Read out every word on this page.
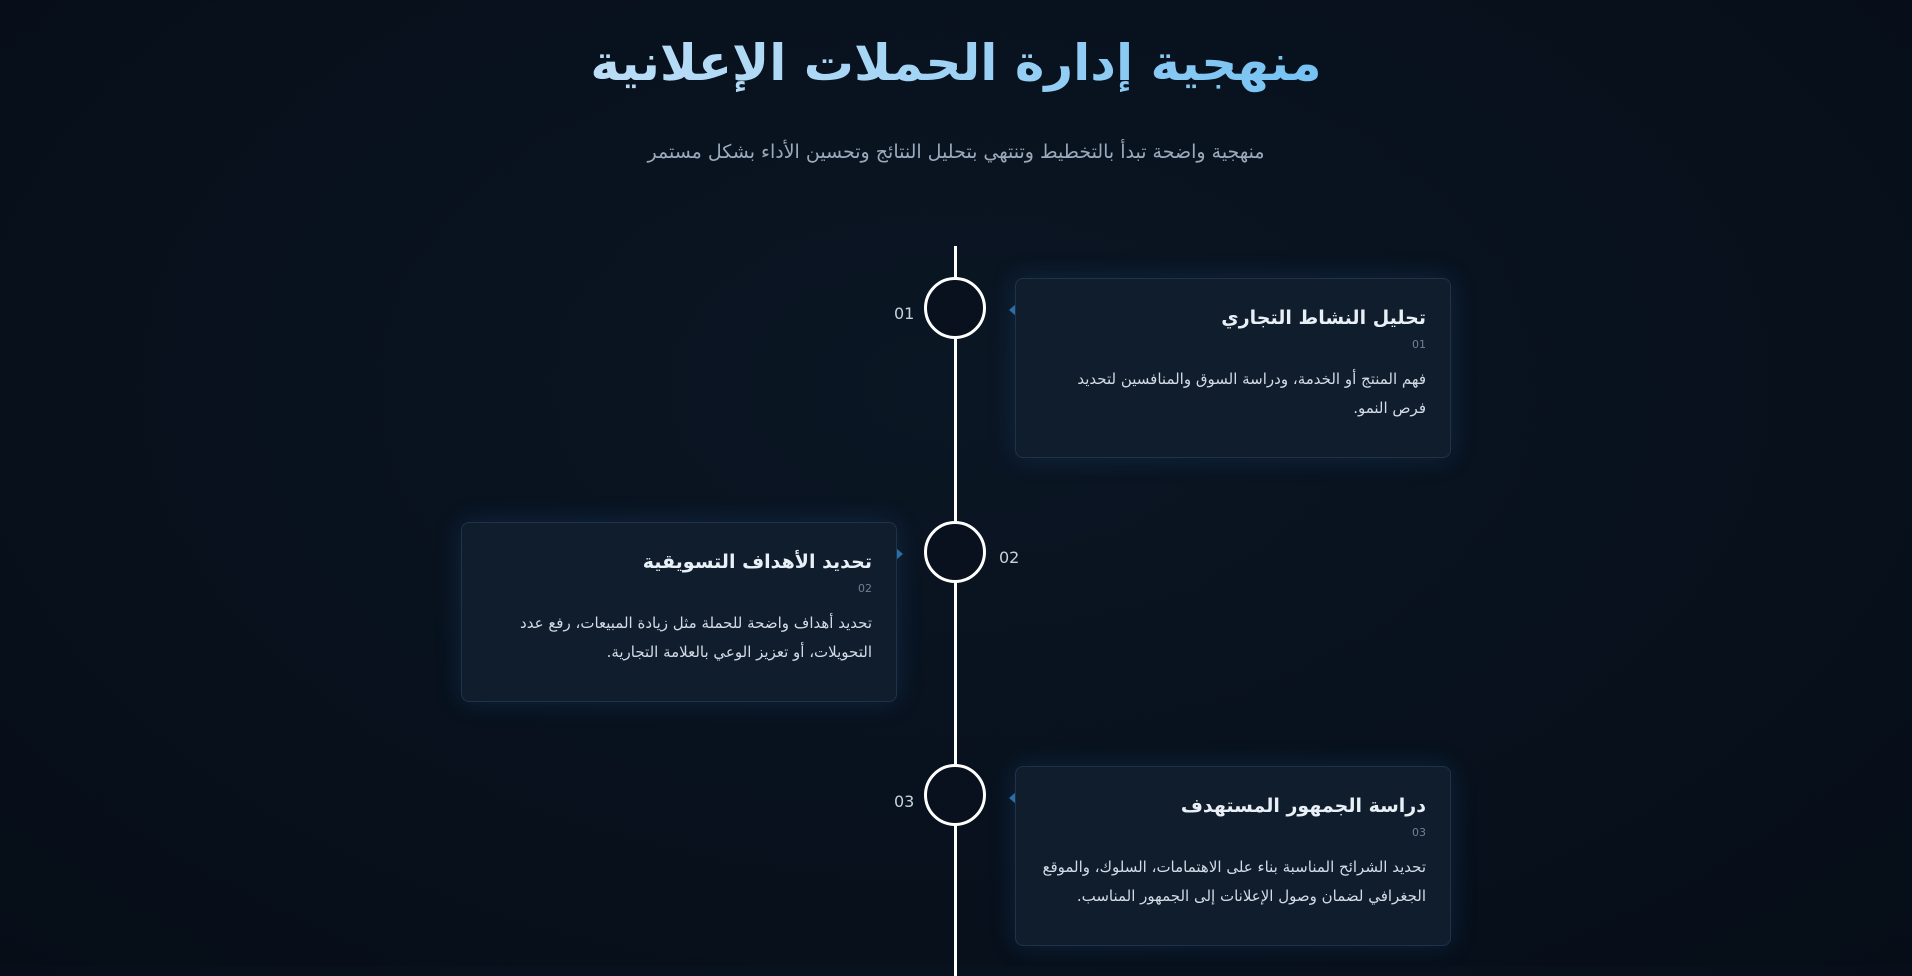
منهجية إدارة الحملات الإعلانية

منهجية واضحة تبدأ بالتخطيط وتنتهي بتحليل النتائج وتحسين الأداء بشكل مستمر

01	تحليل النشاط التجاري
01
فهم المنتج أو الخدمة، ودراسة السوق والمنافسين لتحديد فرص النمو.
02
تحديد الأهداف التسويقية
02
تحديد أهداف واضحة للحملة مثل زيادة المبيعات، رفع عدد التحويلات، أو تعزيز الوعي بالعلامة التجارية.
03	دراسة الجمهور المستهدف
03
تحديد الشرائح المناسبة بناء على الاهتمامات، السلوك، والموقع الجغرافي لضمان وصول الإعلانات إلى الجمهور المناسب.
